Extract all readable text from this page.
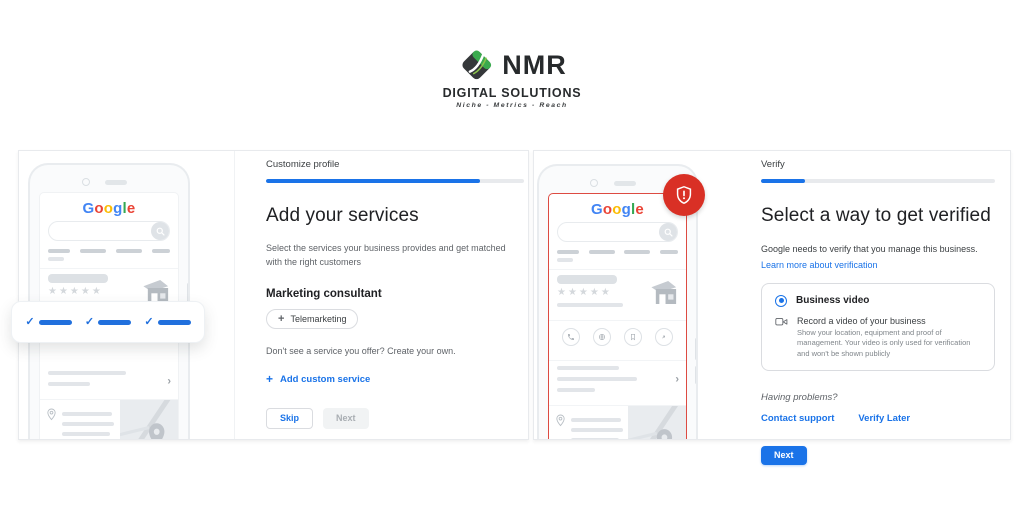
NMR
DIGITAL SOLUTIONS
Niche - Metrics - Reach
Google
★★★★★
›
✓	✓	✓
Customize profile
Add your services
Select the services your business provides and get matched with the right customers
Marketing consultant
+ Telemarketing
Don't see a service you offer? Create your own.
+ Add custom service
Skip	Next
Google
★★★★★
›
Verify
Select a way to get verified
Google needs to verify that you manage this business.
Learn more about verification
Business video
Record a video of your business
Show your location, equipment and proof of management. Your video is only used for verification and won't be shown publicly
Having problems?
Contact support	Verify Later
Next
